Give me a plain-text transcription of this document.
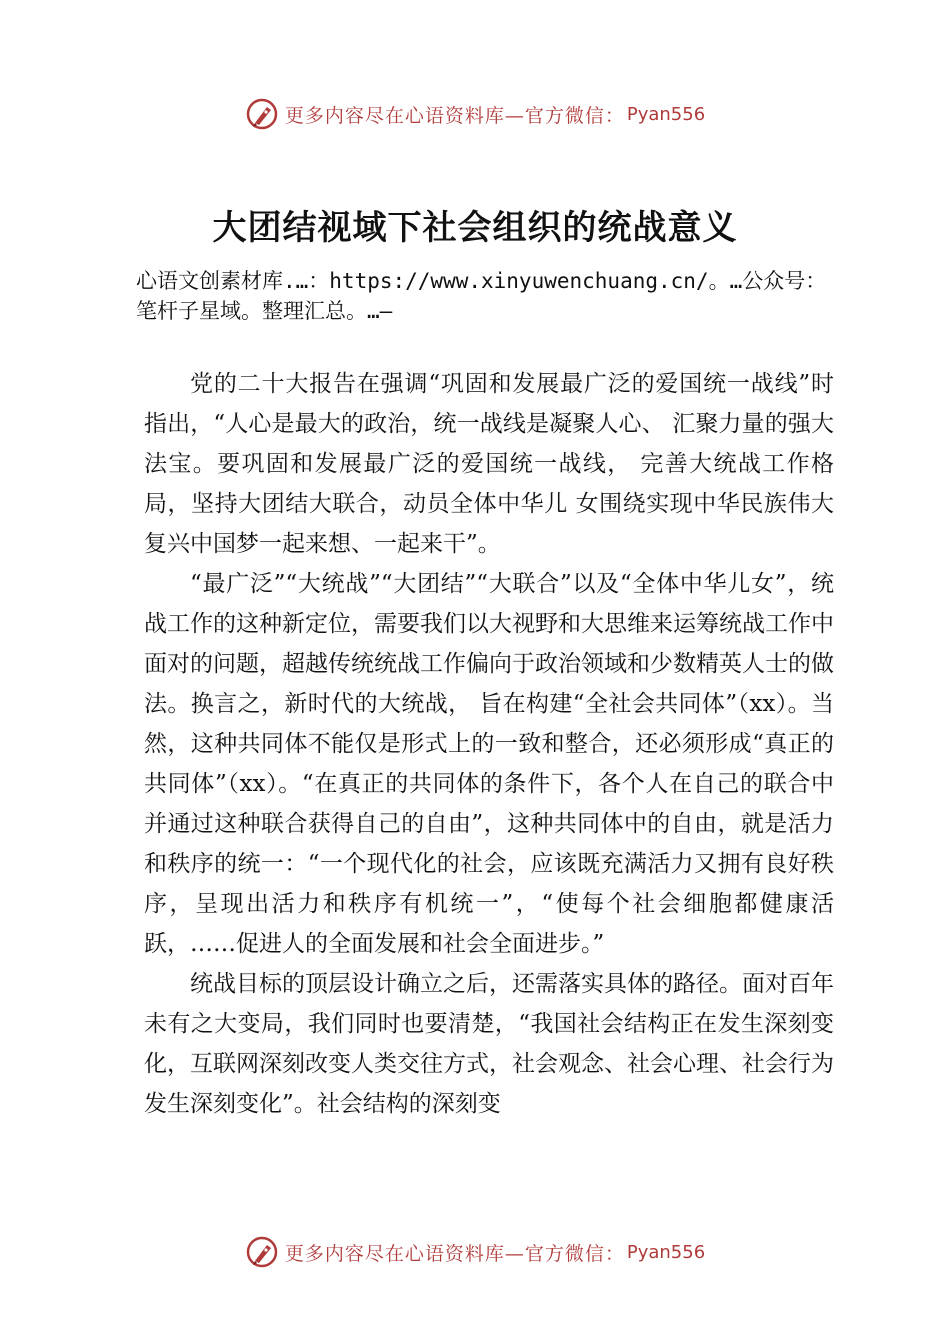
更多内容尽在心语资料库—官方微信： Pyan556
大团结视域下社会组织的统战意义
心语文创素材库.…：https://www.xinyuwenchuang.cn/。…公众号：笔杆子星域。整理汇总。…—

党的二十大报告在强调“巩固和发展最广泛的爱国统一战线”时指出，“人心是最大的政治，统一战线是凝聚人心、 汇聚力量的强大法宝。要巩固和发展最广泛的爱国统一战线， 完善大统战工作格局，坚持大团结大联合，动员全体中华儿 女围绕实现中华民族伟大复兴中国梦一起来想、一起来干”。

“最广泛”“大统战”“大团结”“大联合”以及“全体中华儿女”，统战工作的这种新定位，需要我们以大视野和大思维来运筹统战工作中面对的问题，超越传统统战工作偏向于政治领域和少数精英人士的做法。换言之，新时代的大统战， 旨在构建“全社会共同体”（xx）。当然，这种共同体不能仅是形式上的一致和整合，还必须形成“真正的共同体”（xx）。“在真正的共同体的条件下，各个人在自己的联合中并通过这种联合获得自己的自由”，这种共同体中的自由，就是活力和秩序的统一：“一个现代化的社会，应该既充满活力又拥有良好秩序，呈现出活力和秩序有机统一”，“使每个社会细胞都健康活跃，……促进人的全面发展和社会全面进步。”

统战目标的顶层设计确立之后，还需落实具体的路径。面对百年未有之大变局，我们同时也要清楚，“我国社会结构正在发生深刻变化，互联网深刻改变人类交往方式，社会观念、社会心理、社会行为发生深刻变化”。社会结构的深刻变

更多内容尽在心语资料库—官方微信： Pyan556
